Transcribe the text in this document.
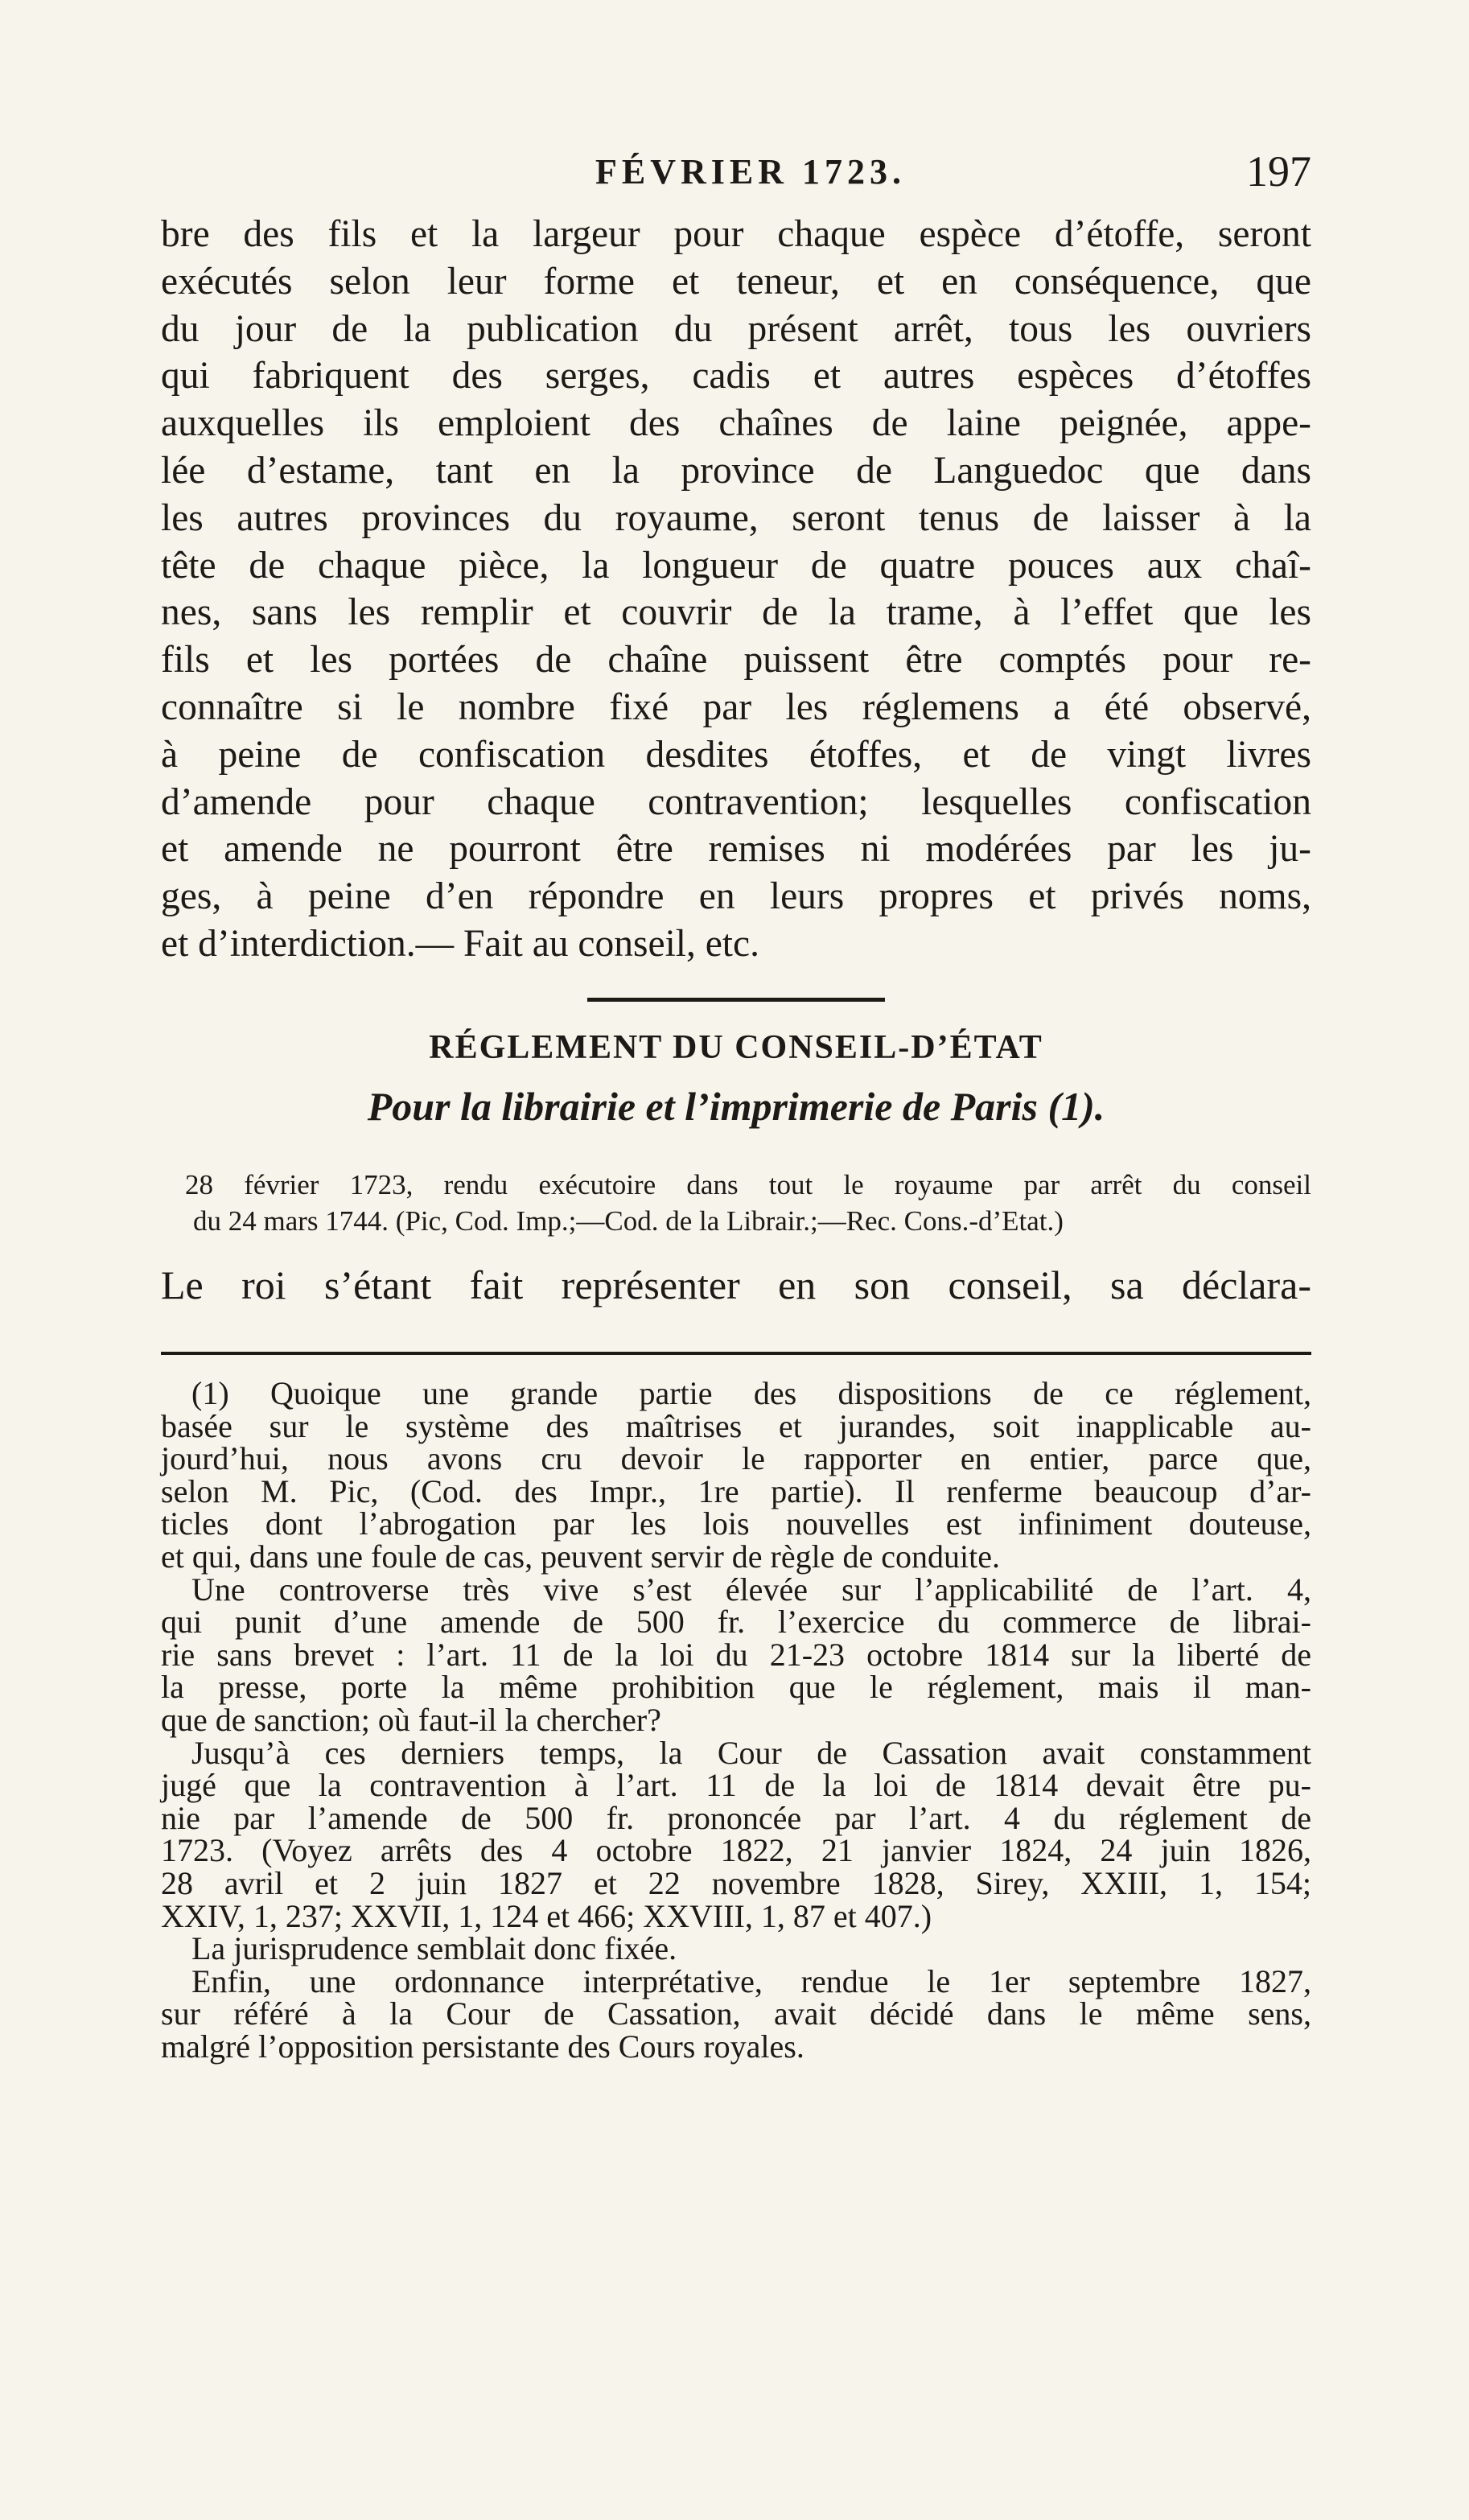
FÉVRIER 1723.	197
bre des fils et la largeur pour chaque espèce d’étoffe, seront
exécutés selon leur forme et teneur, et en conséquence, que
du jour de la publication du présent arrêt, tous les ouvriers
qui fabriquent des serges, cadis et autres espèces d’étoffes
auxquelles ils emploient des chaînes de laine peignée, appe-
lée d’estame, tant en la province de Languedoc que dans
les autres provinces du royaume, seront tenus de laisser à la
tête de chaque pièce, la longueur de quatre pouces aux chaî-
nes, sans les remplir et couvrir de la trame, à l’effet que les
fils et les portées de chaîne puissent être comptés pour re-
connaître si le nombre fixé par les réglemens a été observé,
à peine de confiscation desdites étoffes, et de vingt livres
d’amende pour chaque contravention; lesquelles confiscation
et amende ne pourront être remises ni modérées par les ju-
ges, à peine d’en répondre en leurs propres et privés noms,
et d’interdiction.— Fait au conseil, etc.
RÉGLEMENT DU CONSEIL-D’ÉTAT
Pour la librairie et l’imprimerie de Paris (1).
28 février 1723, rendu exécutoire dans tout le royaume par arrêt du conseil
du 24 mars 1744. (Pic, Cod. Imp.;—Cod. de la Librair.;—Rec. Cons.-d’Etat.)
Le roi s’étant fait représenter en son conseil, sa déclara-
(1) Quoique une grande partie des dispositions de ce réglement,
basée sur le système des maîtrises et jurandes, soit inapplicable au-
jourd’hui, nous avons cru devoir le rapporter en entier, parce que,
selon M. Pic, (Cod. des Impr., 1re partie). Il renferme beaucoup d’ar-
ticles dont l’abrogation par les lois nouvelles est infiniment douteuse,
et qui, dans une foule de cas, peuvent servir de règle de conduite.
Une controverse très vive s’est élevée sur l’applicabilité de l’art. 4,
qui punit d’une amende de 500 fr. l’exercice du commerce de librai-
rie sans brevet : l’art. 11 de la loi du 21-23 octobre 1814 sur la liberté de
la presse, porte la même prohibition que le réglement, mais il man-
que de sanction; où faut-il la chercher?
Jusqu’à ces derniers temps, la Cour de Cassation avait constamment
jugé que la contravention à l’art. 11 de la loi de 1814 devait être pu-
nie par l’amende de 500 fr. prononcée par l’art. 4 du réglement de
1723. (Voyez arrêts des 4 octobre 1822, 21 janvier 1824, 24 juin 1826,
28 avril et 2 juin 1827 et 22 novembre 1828, Sirey, XXIII, 1, 154;
XXIV, 1, 237; XXVII, 1, 124 et 466; XXVIII, 1, 87 et 407.)
La jurisprudence semblait donc fixée.
Enfin, une ordonnance interprétative, rendue le 1er septembre 1827,
sur référé à la Cour de Cassation, avait décidé dans le même sens,
malgré l’opposition persistante des Cours royales.
